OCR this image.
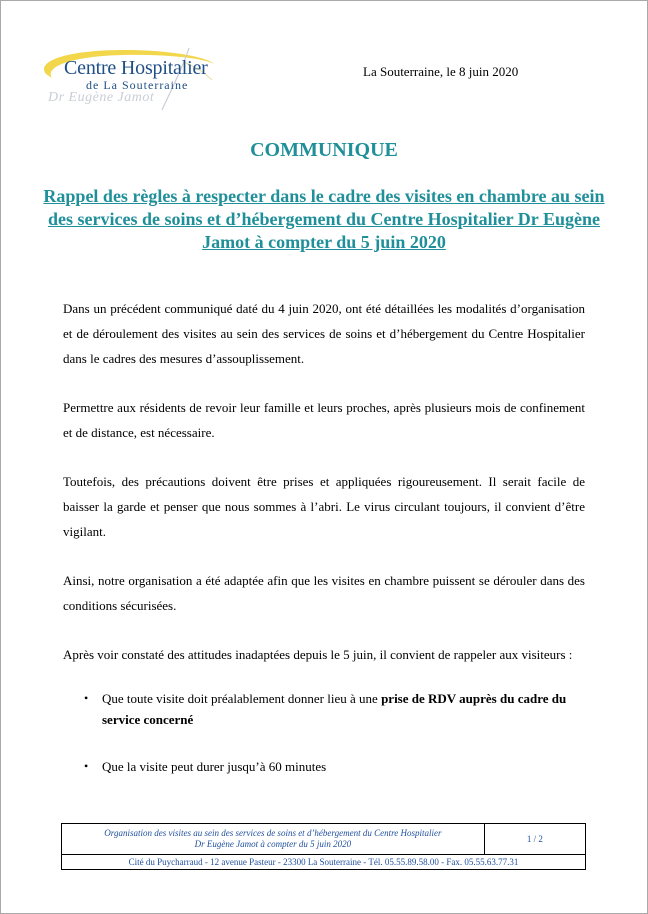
Centre Hospitalier
de La Souterraine
Dr Eugène Jamot
La Souterraine, le 8 juin 2020
COMMUNIQUE
Rappel des règles à respecter dans le cadre des visites en chambre au sein des services de soins et d’hébergement du Centre Hospitalier Dr Eugène Jamot à compter du 5 juin 2020

Dans un précédent communiqué daté du 4 juin 2020, ont été détaillées les modalités d’organisation et de déroulement des visites au sein des services de soins et d’hébergement du Centre Hospitalier dans le cadres des mesures d’assouplissement.

Permettre aux résidents de revoir leur famille et leurs proches, après plusieurs mois de confinement et de distance, est nécessaire.

Toutefois, des précautions doivent être prises et appliquées rigoureusement. Il serait facile de baisser la garde et penser que nous sommes à l’abri. Le virus circulant toujours, il convient d’être vigilant.

Ainsi, notre organisation a été adaptée afin que les visites en chambre puissent se dérouler dans des conditions sécurisées.

Après voir constaté des attitudes inadaptées depuis le 5 juin, il convient de rappeler aux visiteurs :

• Que toute visite doit préalablement donner lieu à une prise de RDV auprès du cadre du service concerné
• Que la visite peut durer jusqu’à 60 minutes
Organisation des visites au sein des services de soins et d’hébergement du Centre Hospitalier
Dr Eugène Jamot à compter du 5 juin 2020	1 / 2
Cité du Puycharraud - 12 avenue Pasteur - 23300 La Souterraine - Tél. 05.55.89.58.00 - Fax. 05.55.63.77.31
